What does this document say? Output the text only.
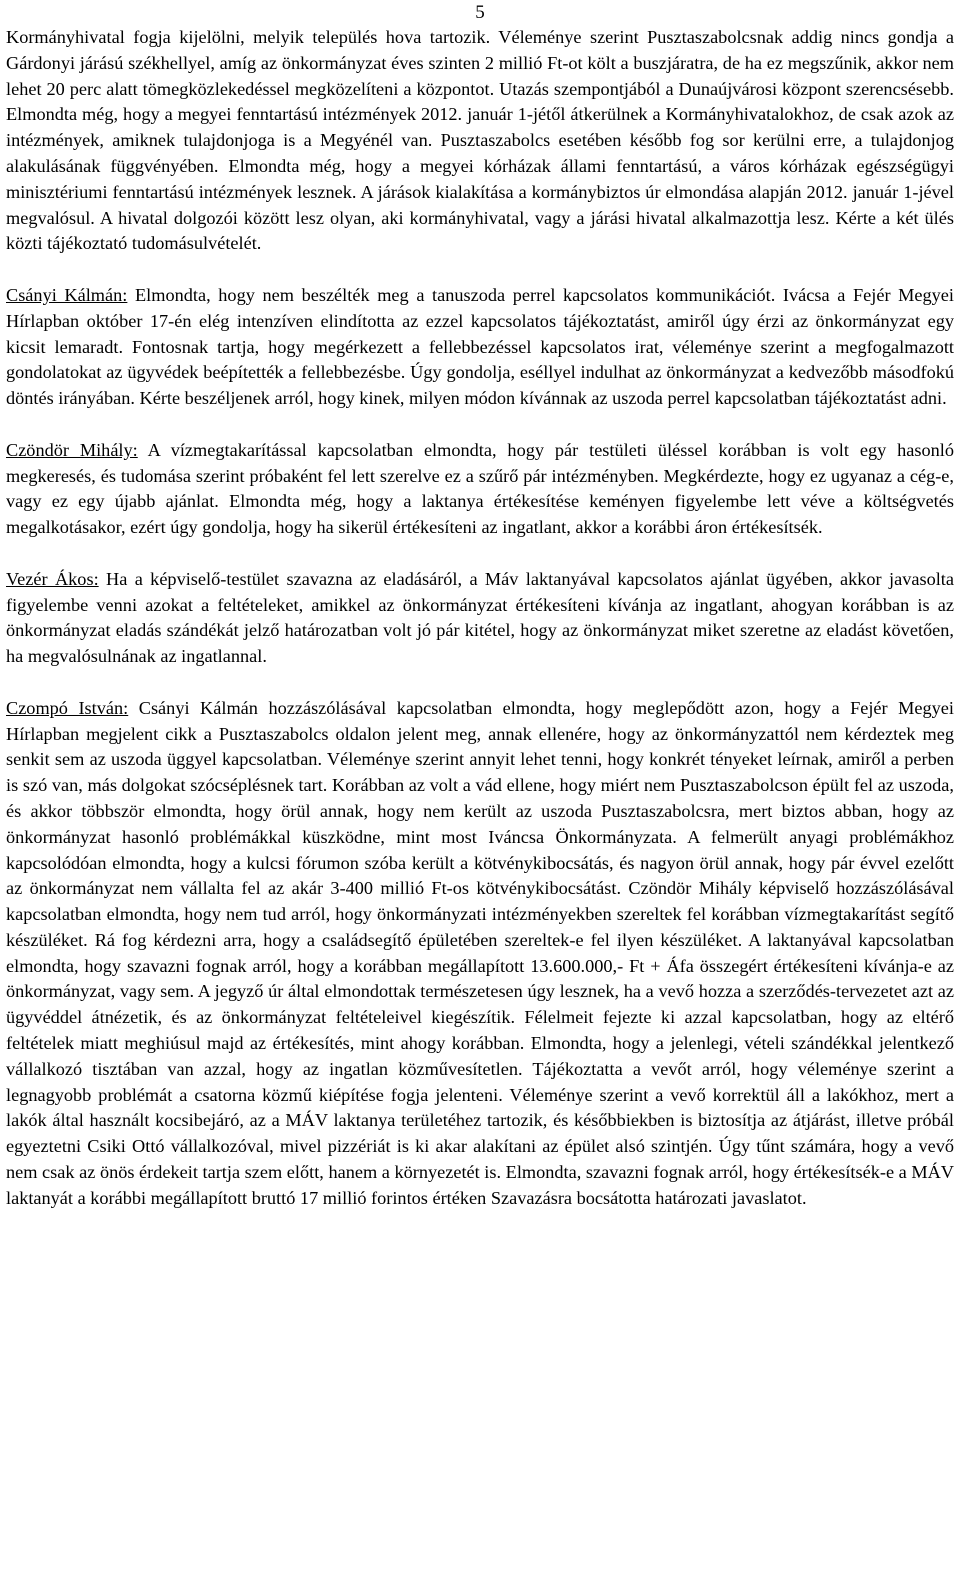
5

Kormányhivatal fogja kijelölni, melyik település hova tartozik. Véleménye szerint Pusztaszabolcsnak addig nincs gondja a Gárdonyi járású székhellyel, amíg az önkormányzat éves szinten 2 millió Ft-ot költ a buszjáratra, de ha ez megszűnik, akkor nem lehet 20 perc alatt tömegközlekedéssel megközelíteni a központot. Utazás szempontjából a Dunaújvárosi központ szerencsésebb. Elmondta még, hogy a megyei fenntartású intézmények 2012. január 1-jétől átkerülnek a Kormányhivatalokhoz, de csak azok az intézmények, amiknek tulajdonjoga is a Megyénél van. Pusztaszabolcs esetében később fog sor kerülni erre, a tulajdonjog alakulásának függvényében. Elmondta még, hogy a megyei kórházak állami fenntartású, a város kórházak egészségügyi minisztériumi fenntartású intézmények lesznek. A járások kialakítása a kormánybiztos úr elmondása alapján 2012. január 1-jével megvalósul. A hivatal dolgozói között lesz olyan, aki kormányhivatal, vagy a járási hivatal alkalmazottja lesz. Kérte a két ülés közti tájékoztató tudomásulvételét.

Csányi Kálmán: Elmondta, hogy nem beszélték meg a tanuszoda perrel kapcsolatos kommunikációt. Ivácsa a Fejér Megyei Hírlapban október 17-én elég intenzíven elindította az ezzel kapcsolatos tájékoztatást, amiről úgy érzi az önkormányzat egy kicsit lemaradt. Fontosnak tartja, hogy megérkezett a fellebbezéssel kapcsolatos irat, véleménye szerint a megfogalmazott gondolatokat az ügyvédek beépítették a fellebbezésbe. Úgy gondolja, eséllyel indulhat az önkormányzat a kedvezőbb másodfokú döntés irányában. Kérte beszéljenek arról, hogy kinek, milyen módon kívánnak az uszoda perrel kapcsolatban tájékoztatást adni.

Czöndör Mihály: A vízmegtakarítással kapcsolatban elmondta, hogy pár testületi üléssel korábban is volt egy hasonló megkeresés, és tudomása szerint próbaként fel lett szerelve ez a szűrő pár intézményben. Megkérdezte, hogy ez ugyanaz a cég-e, vagy ez egy újabb ajánlat. Elmondta még, hogy a laktanya értékesítése keményen figyelembe lett véve a költségvetés megalkotásakor, ezért úgy gondolja, hogy ha sikerül értékesíteni az ingatlant, akkor a korábbi áron értékesítsék.

Vezér Ákos: Ha a képviselő-testület szavazna az eladásáról, a Máv laktanyával kapcsolatos ajánlat ügyében, akkor javasolta figyelembe venni azokat a feltételeket, amikkel az önkormányzat értékesíteni kívánja az ingatlant, ahogyan korábban is az önkormányzat eladás szándékát jelző határozatban volt jó pár kitétel, hogy az önkormányzat miket szeretne az eladást követően, ha megvalósulnának az ingatlannal.

Czompó István: Csányi Kálmán hozzászólásával kapcsolatban elmondta, hogy meglepődött azon, hogy a Fejér Megyei Hírlapban megjelent cikk a Pusztaszabolcs oldalon jelent meg, annak ellenére, hogy az önkormányzattól nem kérdeztek meg senkit sem az uszoda üggyel kapcsolatban. Véleménye szerint annyit lehet tenni, hogy konkrét tényeket leírnak, amiről a perben is szó van, más dolgokat szócséplésnek tart. Korábban az volt a vád ellene, hogy miért nem Pusztaszabolcson épült fel az uszoda, és akkor többször elmondta, hogy örül annak, hogy nem került az uszoda Pusztaszabolcsra, mert biztos abban, hogy az önkormányzat hasonló problémákkal küszködne, mint most Iváncsa Önkormányzata. A felmerült anyagi problémákhoz kapcsolódóan elmondta, hogy a kulcsi fórumon szóba került a kötvénykibocsátás, és nagyon örül annak, hogy pár évvel ezelőtt az önkormányzat nem vállalta fel az akár 3-400 millió Ft-os kötvénykibocsátást. Czöndör Mihály képviselő hozzászólásával kapcsolatban elmondta, hogy nem tud arról, hogy önkormányzati intézményekben szereltek fel korábban vízmegtakarítást segítő készüléket. Rá fog kérdezni arra, hogy a családsegítő épületében szereltek-e fel ilyen készüléket. A laktanyával kapcsolatban elmondta, hogy szavazni fognak arról, hogy a korábban megállapított 13.600.000,- Ft + Áfa összegért értékesíteni kívánja-e az önkormányzat, vagy sem. A jegyző úr által elmondottak természetesen úgy lesznek, ha a vevő hozza a szerződés-tervezetet azt az ügyvéddel átnézetik, és az önkormányzat feltételeivel kiegészítik. Félelmeit fejezte ki azzal kapcsolatban, hogy az eltérő feltételek miatt meghiúsul majd az értékesítés, mint ahogy korábban. Elmondta, hogy a jelenlegi, vételi szándékkal jelentkező vállalkozó tisztában van azzal, hogy az ingatlan közművesítetlen. Tájékoztatta a vevőt arról, hogy véleménye szerint a legnagyobb problémát a csatorna közmű kiépítése fogja jelenteni. Véleménye szerint a vevő korrektül áll a lakókhoz, mert a lakók által használt kocsibejáró, az a MÁV laktanya területéhez tartozik, és későbbiekben is biztosítja az átjárást, illetve próbál egyeztetni Csiki Ottó vállalkozóval, mivel pizzériát is ki akar alakítani az épület alsó szintjén. Úgy tűnt számára, hogy a vevő nem csak az önös érdekeit tartja szem előtt, hanem a környezetét is. Elmondta, szavazni fognak arról, hogy értékesítsék-e a MÁV laktanyát a korábbi megállapított bruttó 17 millió forintos értéken Szavazásra bocsátotta határozati javaslatot.
